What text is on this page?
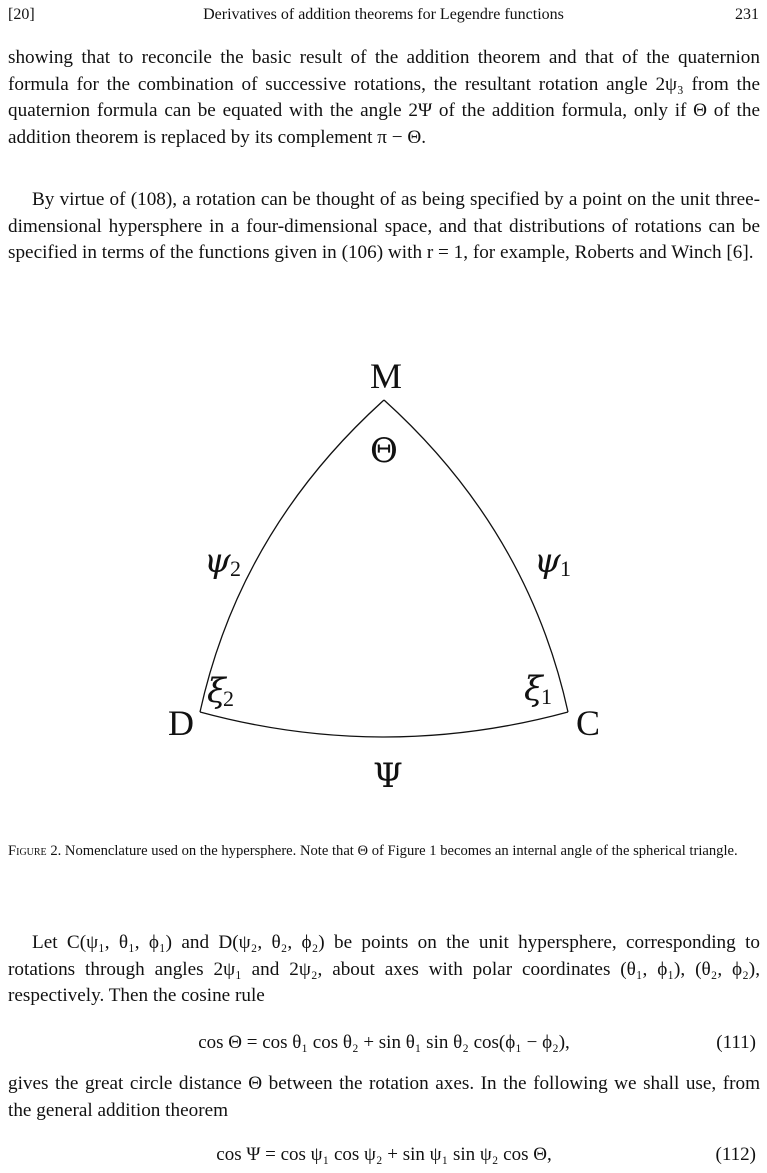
[20]	Derivatives of addition theorems for Legendre functions	231

showing that to reconcile the basic result of the addition theorem and that of the quaternion formula for the combination of successive rotations, the resultant rotation angle 2ψ₃ from the quaternion formula can be equated with the angle 2Ψ of the addition formula, only if Θ of the addition theorem is replaced by its complement π − Θ.

By virtue of (108), a rotation can be thought of as being specified by a point on the unit three-dimensional hypersphere in a four-dimensional space, and that distributions of rotations can be specified in terms of the functions given in (106) with r = 1, for example, Roberts and Winch [6].

M
D	C
Θ
ψ 2	ψ 1
ξ
2	ξ
1
Ψ
Figure 2. Nomenclature used on the hypersphere. Note that Θ of Figure 1 becomes an internal angle of the spherical triangle.

Let C(ψ₁, θ₁, ϕ₁) and D(ψ₂, θ₂, ϕ₂) be points on the unit hypersphere, corresponding to rotations through angles 2ψ₁ and 2ψ₂, about axes with polar coordinates (θ₁, ϕ₁), (θ₂, ϕ₂), respectively. Then the cosine rule

cos Θ = cos θ₁ cos θ₂ + sin θ₁ sin θ₂ cos(ϕ₁ − ϕ₂),	(111)

gives the great circle distance Θ between the rotation axes. In the following we shall use, from the general addition theorem

cos Ψ = cos ψ₁ cos ψ₂ + sin ψ₁ sin ψ₂ cos Θ,	(112)
